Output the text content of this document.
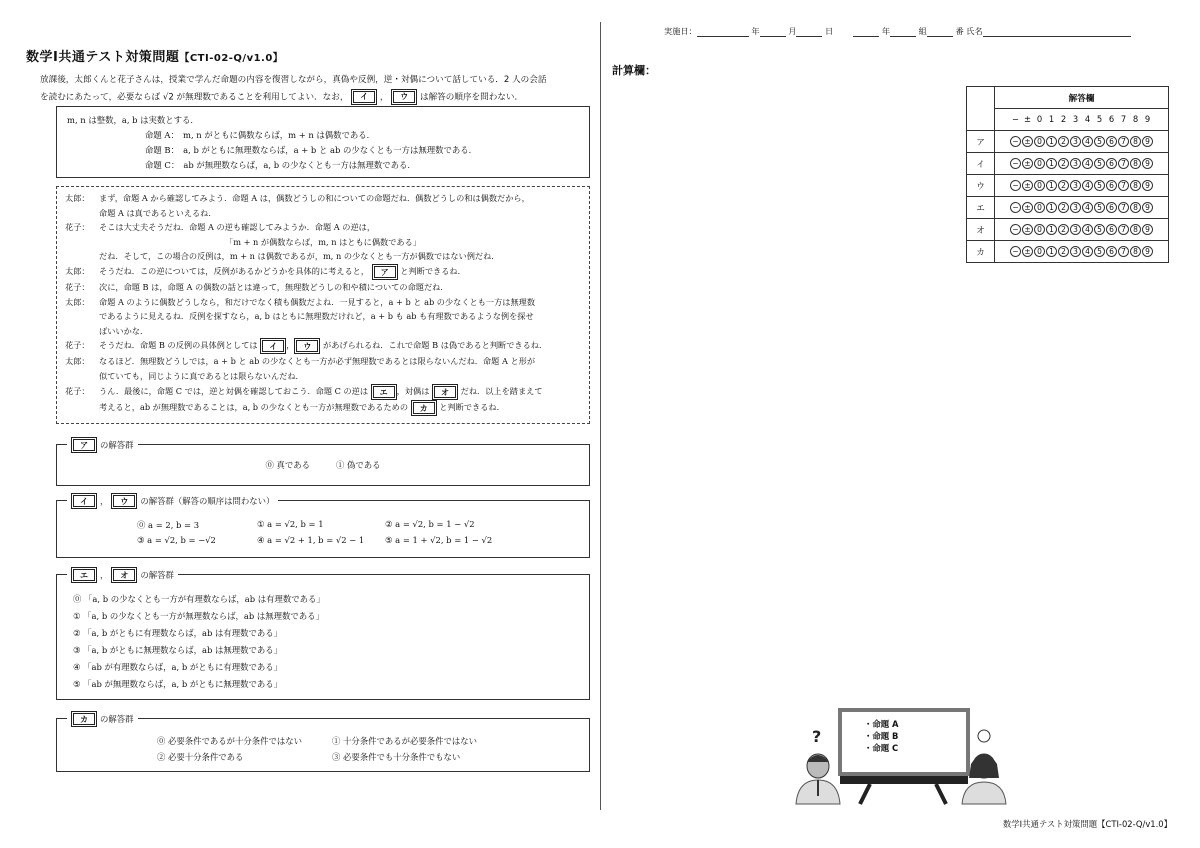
数学Ⅰ共通テスト対策問題【CTI-02-Q/v1.0】
放課後，太郎くんと花子さんは，授業で学んだ命題の内容を復習しながら，真偽や反例，逆・対偶について話している．2 人の会話
を読むにあたって，必要ならば √2 が無理数であることを利用してよい．なお， イ ， ウ は解答の順序を問わない．
m, n は整数，a, b は実数とする．
命題 A：　m, n がともに偶数ならば，m + n は偶数である．
命題 B：　a, b がともに無理数ならば，a + b と ab の少なくとも一方は無理数である．
命題 C：　ab が無理数ならば，a, b の少なくとも一方は無理数である．
太郎：	まず，命題 A から確認してみよう．命題 A は，偶数どうしの和についての命題だね．偶数どうしの和は偶数だから，
命題 A は真であるといえるね．
花子：	そこは大丈夫そうだね．命題 A の逆も確認してみようか．命題 A の逆は，
「m + n が偶数ならば，m, n はともに偶数である」
だね．そして，この場合の反例は，m + n は偶数であるが，m, n の少なくとも一方が偶数ではない例だね．
太郎：	そうだね．この逆については，反例があるかどうかを具体的に考えると， ア と判断できるね．
花子：	次に，命題 B は，命題 A の偶数の話とは違って，無理数どうしの和や積についての命題だね．
太郎：	命題 A のように偶数どうしなら，和だけでなく積も偶数だよね．一見すると，a + b と ab の少なくとも一方は無理数
であるように見えるね．反例を探すなら，a, b はともに無理数だけれど，a + b も ab も有理数であるような例を探せ
ばいいかな．
花子：	そうだね．命題 B の反例の具体例としては イ ， ウ があげられるね．これで命題 B は偽であると判断できるね．
太郎：	なるほど．無理数どうしでは，a + b と ab の少なくとも一方が必ず無理数であるとは限らないんだね．命題 A と形が
似ていても，同じように真であるとは限らないんだね．
花子：	うん．最後に，命題 C では，逆と対偶を確認しておこう．命題 C の逆は エ ，対偶は オ だね．以上を踏まえて
考えると，ab が無理数であることは，a, b の少なくとも一方が無理数であるための カ と判断できるね．
ア	の解答群
⓪ 真である	① 偽である
イ	，	ウ	の解答群（解答の順序は問わない）
⓪ a = 2, b = 3	① a = √2, b = 1	② a = √2, b = 1 − √2
③ a = √2, b = −√2	④ a = √2 + 1, b = √2 − 1	⑤ a = 1 + √2, b = 1 − √2
エ	，	オ	の解答群
⓪ 「a, b の少なくとも一方が有理数ならば，ab は有理数である」
① 「a, b の少なくとも一方が無理数ならば，ab は無理数である」
② 「a, b がともに有理数ならば，ab は有理数である」
③ 「a, b がともに無理数ならば，ab は無理数である」
④ 「ab が有理数ならば，a, b がともに有理数である」
⑤ 「ab が無理数ならば，a, b がともに無理数である」
カ	の解答群
⓪ 必要条件であるが十分条件ではない	① 十分条件であるが必要条件ではない
② 必要十分条件である	③ 必要条件でも十分条件でもない
実施日：	年	月	日	年	組	番 氏名
計算欄：
	解答欄
	− ± 0 1 2 3 4 5 6 7 8 9
ア	− ± 0 1 2 3 4 5 6 7 8 9
イ	− ± 0 1 2 3 4 5 6 7 8 9
ウ	− ± 0 1 2 3 4 5 6 7 8 9
エ	− ± 0 1 2 3 4 5 6 7 8 9
オ	− ± 0 1 2 3 4 5 6 7 8 9
カ	− ± 0 1 2 3 4 5 6 7 8 9
・命題 A
・命題 B
・命題 C
?
数学Ⅰ共通テスト対策問題【CTI-02-Q/v1.0】
